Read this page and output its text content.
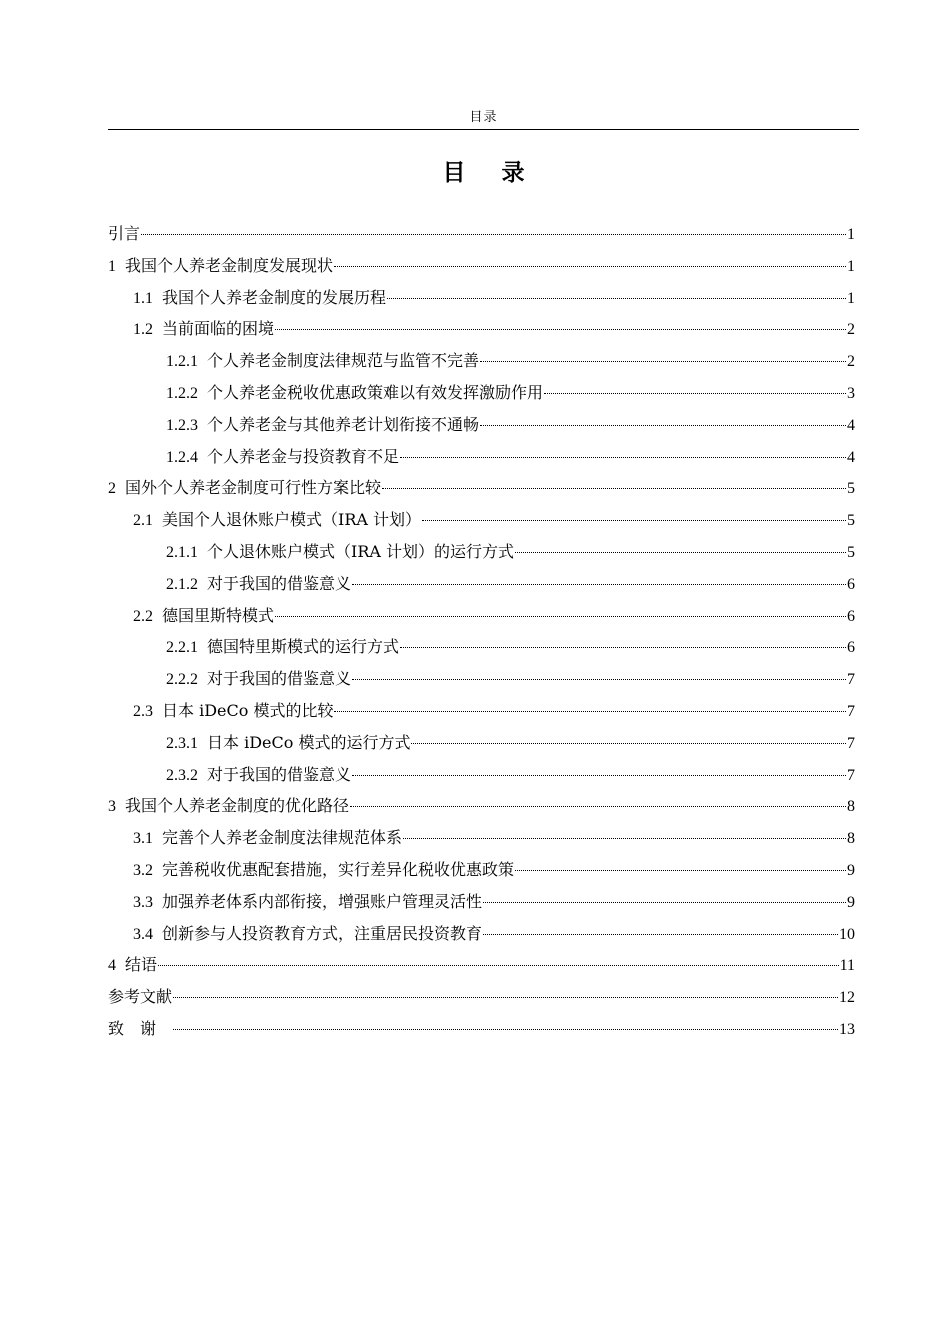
目录
目 录
引言	1
1 我国个人养老金制度发展现状	1
1.1 我国个人养老金制度的发展历程	1
1.2 当前面临的困境	2
1.2.1 个人养老金制度法律规范与监管不完善	2
1.2.2 个人养老金税收优惠政策难以有效发挥激励作用	3
1.2.3 个人养老金与其他养老计划衔接不通畅	4
1.2.4 个人养老金与投资教育不足	4
2 国外个人养老金制度可行性方案比较	5
2.1 美国个人退休账户模式（IRA 计划）	5
2.1.1 个人退休账户模式（IRA 计划）的运行方式	5
2.1.2 对于我国的借鉴意义	6
2.2 德国里斯特模式	6
2.2.1 德国特里斯模式的运行方式	6
2.2.2 对于我国的借鉴意义	7
2.3 日本 iDeCo 模式的比较	7
2.3.1 日本 iDeCo 模式的运行方式	7
2.3.2 对于我国的借鉴意义	7
3 我国个人养老金制度的优化路径	8
3.1 完善个人养老金制度法律规范体系	8
3.2 完善税收优惠配套措施，实行差异化税收优惠政策	9
3.3 加强养老体系内部衔接，增强账户管理灵活性	9
3.4 创新参与人投资教育方式，注重居民投资教育	10
4 结语	11
参考文献	12
致谢	13
